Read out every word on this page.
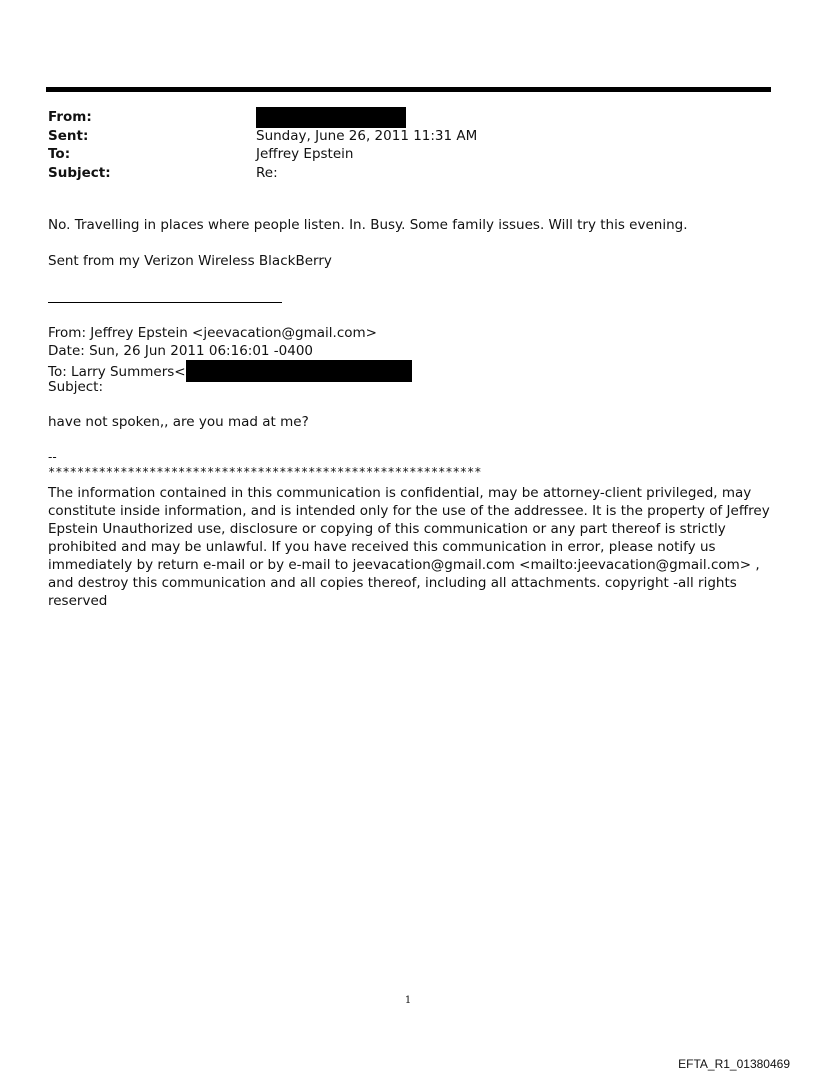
From:
Sent:	Sunday, June 26, 2011 11:31 AM
To:	Jeffrey Epstein
Subject:	Re:

No. Travelling in places where people listen. In. Busy. Some family issues. Will try this evening.

Sent from my Verizon Wireless BlackBerry

From: Jeffrey Epstein <jeevacation@gmail.com>
Date: Sun, 26 Jun 2011 06:16:01 -0400
To: Larry Summers<
Subject:

have not spoken,, are you mad at me?

--
************************************************************

The information contained in this communication is confidential, may be attorney-client privileged, may constitute inside information, and is intended only for the use of the addressee. It is the property of Jeffrey Epstein Unauthorized use, disclosure or copying of this communication or any part thereof is strictly prohibited and may be unlawful. If you have received this communication in error, please notify us immediately by return e-mail or by e-mail to jeevacation@gmail.com <mailto:jeevacation@gmail.com> , and destroy this communication and all copies thereof, including all attachments. copyright -all rights reserved

1
EFTA_R1_01380469
